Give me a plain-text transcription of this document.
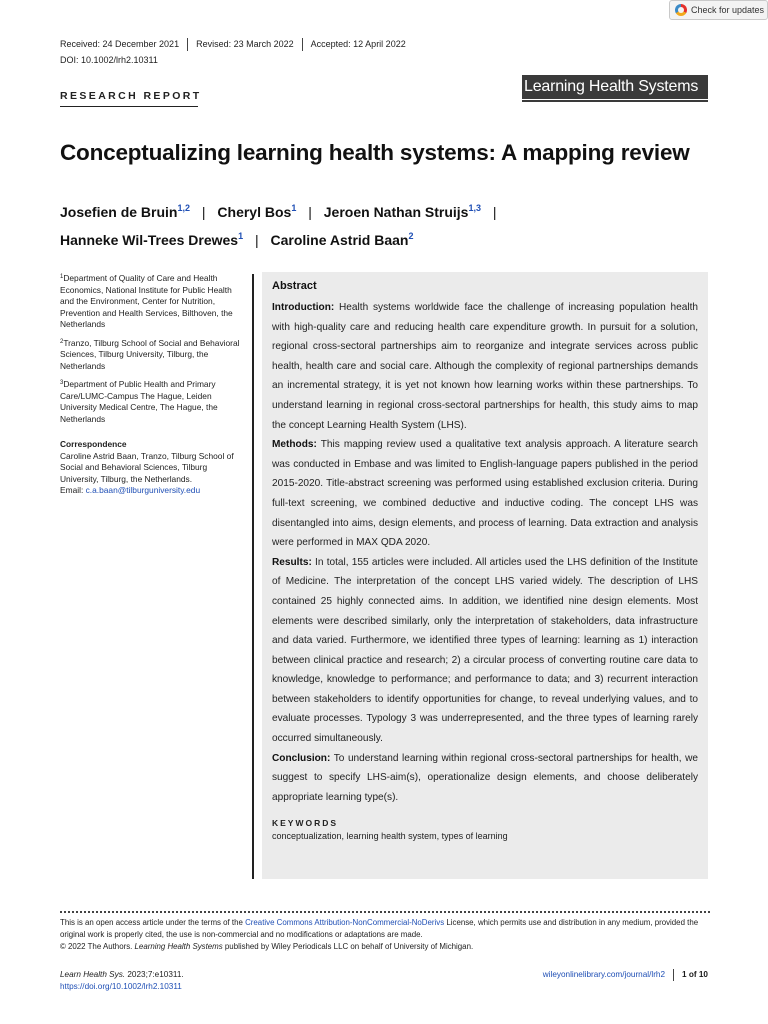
Check for updates
Received: 24 December 2021	Revised: 23 March 2022	Accepted: 12 April 2022
DOI: 10.1002/lrh2.10311
Learning Health Systems
RESEARCH REPORT
Conceptualizing learning health systems: A mapping review
Josefien de Bruin$^{1,2}$ | Cheryl Bos$^1$ | Jeroen Nathan Struijs$^{1,3}$ |
Hanneke Wil-Trees Drewes$^1$ | Caroline Astrid Baan$^2$
$^1$Department of Quality of Care and Health Economics, National Institute for Public Health and the Environment, Center for Nutrition, Prevention and Health Services, Bilthoven, the Netherlands
$^2$Tranzo, Tilburg School of Social and Behavioral Sciences, Tilburg University, Tilburg, the Netherlands
$^3$Department of Public Health and Primary Care/LUMC-Campus The Hague, Leiden University Medical Centre, The Hague, the Netherlands
Correspondence
Caroline Astrid Baan, Tranzo, Tilburg School of Social and Behavioral Sciences, Tilburg University, Tilburg, the Netherlands.
Email: c.a.baan@tilburguniversity.edu
Abstract

Introduction: Health systems worldwide face the challenge of increasing population health with high-quality care and reducing health care expenditure growth. In pursuit for a solution, regional cross-sectoral partnerships aim to reorganize and integrate services across public health, health care and social care. Although the complexity of regional partnerships demands an incremental strategy, it is yet not known how learning works within these partnerships. To understand learning in regional cross-sectoral partnerships for health, this study aims to map the concept Learning Health System (LHS).

Methods: This mapping review used a qualitative text analysis approach. A literature search was conducted in Embase and was limited to English-language papers published in the period 2015-2020. Title-abstract screening was performed using established exclusion criteria. During full-text screening, we combined deductive and inductive coding. The concept LHS was disentangled into aims, design elements, and process of learning. Data extraction and analysis were performed in MAX QDA 2020.

Results: In total, 155 articles were included. All articles used the LHS definition of the Institute of Medicine. The interpretation of the concept LHS varied widely. The description of LHS contained 25 highly connected aims. In addition, we identified nine design elements. Most elements were described similarly, only the interpretation of stakeholders, data infrastructure and data varied. Furthermore, we identified three types of learning: learning as 1) interaction between clinical practice and research; 2) a circular process of converting routine care data to knowledge, knowledge to performance; and performance to data; and 3) recurrent interaction between stakeholders to identify opportunities for change, to reveal underlying values, and to evaluate processes. Typology 3 was underrepresented, and the three types of learning rarely occurred simultaneously.

Conclusion: To understand learning within regional cross-sectoral partnerships for health, we suggest to specify LHS-aim(s), operationalize design elements, and choose deliberately appropriate learning type(s).

KEYWORDS
conceptualization, learning health system, types of learning
This is an open access article under the terms of the Creative Commons Attribution-NonCommercial-NoDerivs License, which permits use and distribution in any medium, provided the original work is properly cited, the use is non-commercial and no modifications or adaptations are made.
© 2022 The Authors. Learning Health Systems published by Wiley Periodicals LLC on behalf of University of Michigan.
Learn Health Sys. 2023;7:e10311.
https://doi.org/10.1002/lrh2.10311
wileyonlinelibrary.com/journal/lrh2	1 of 10
